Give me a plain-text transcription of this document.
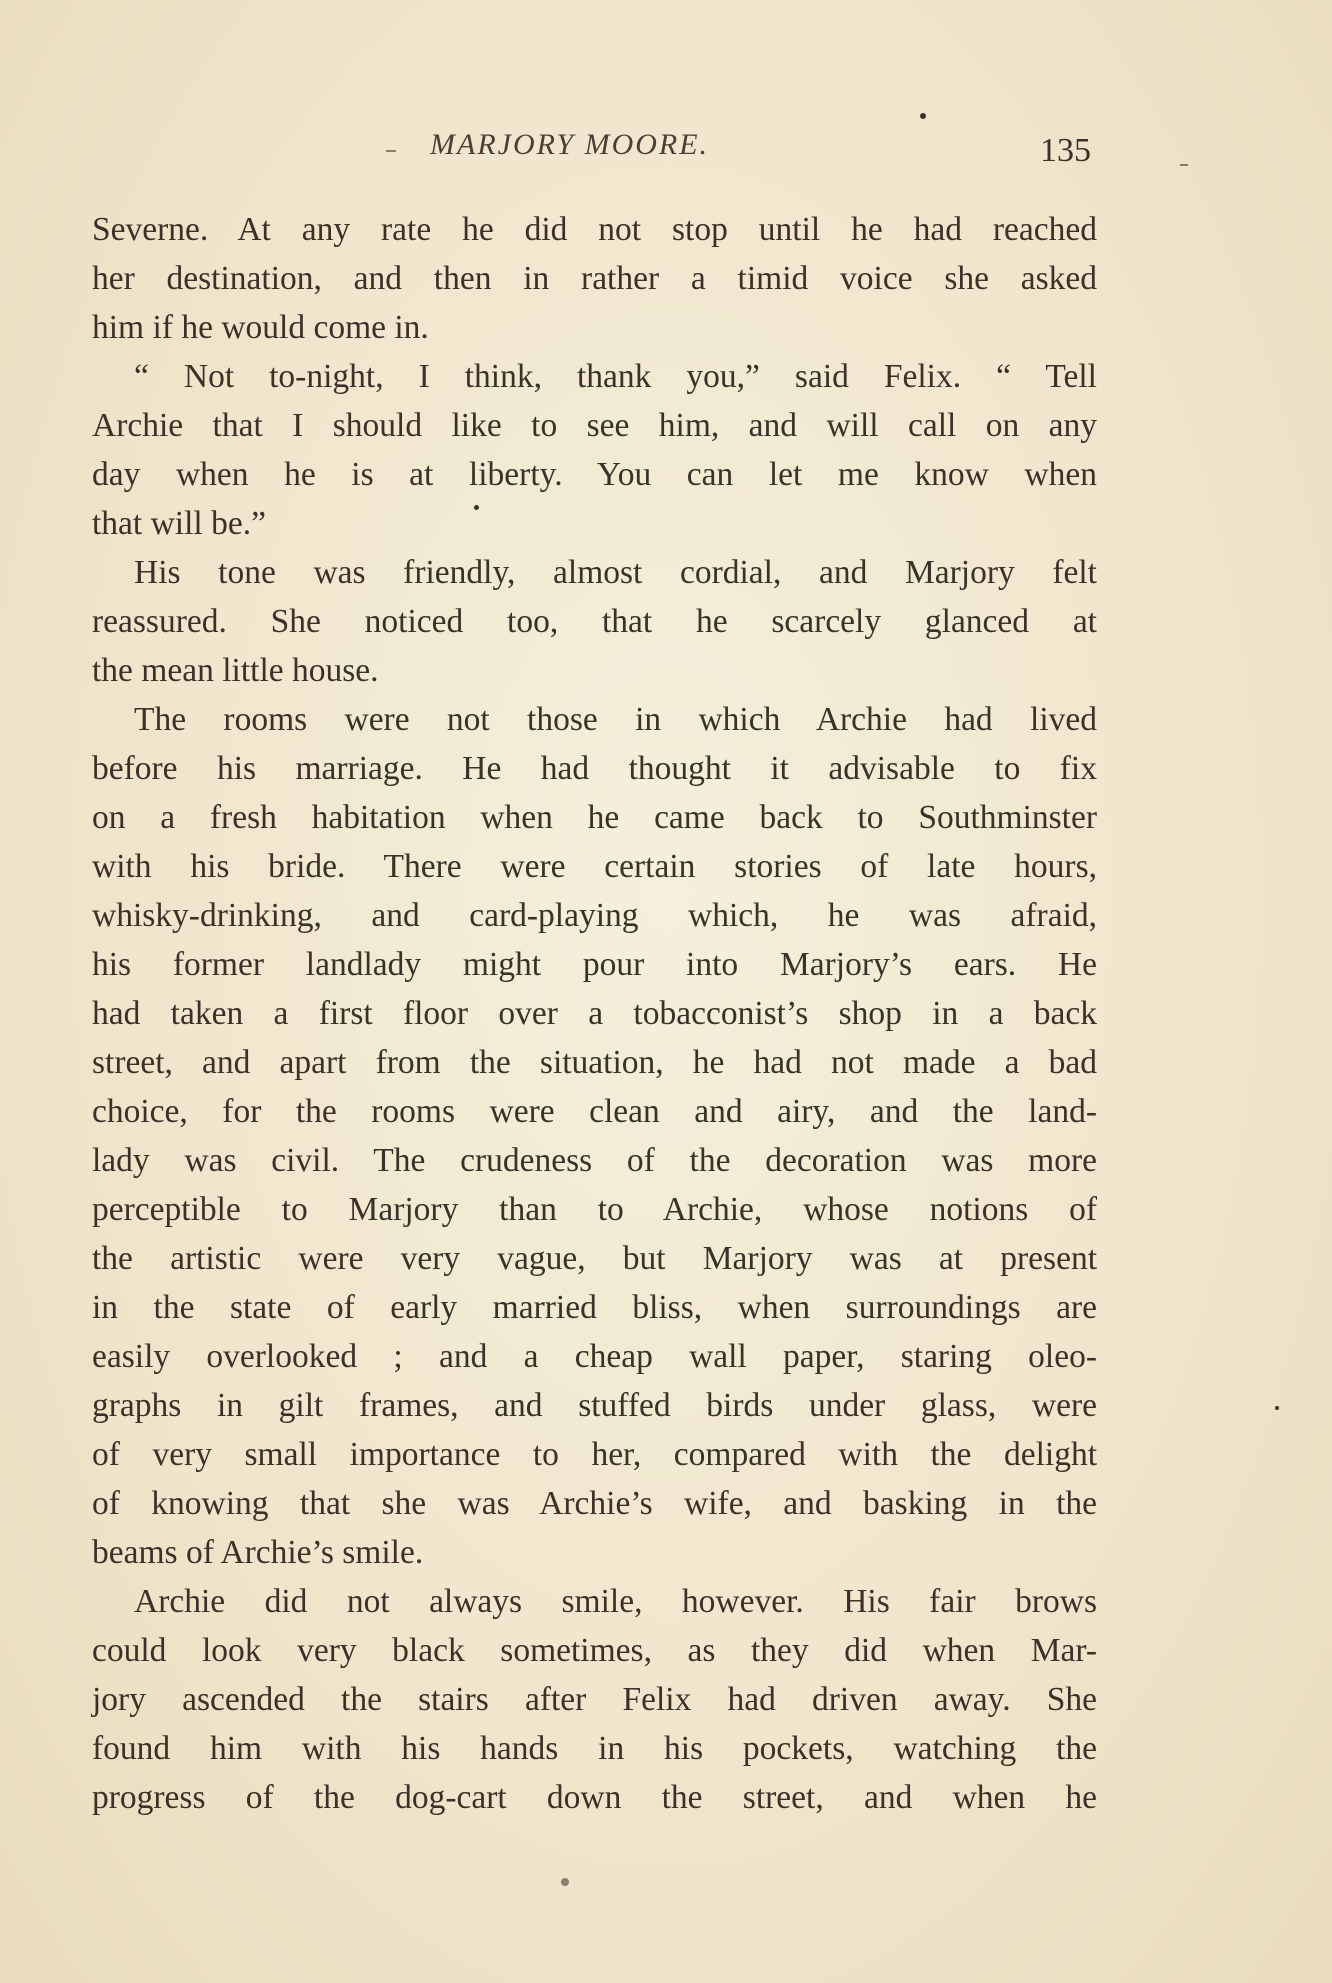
MARJORY MOORE.	135
Severne. At any rate he did not stop until he had reached
her destination, and then in rather a timid voice she asked
him if he would come in.
“ Not to-night, I think, thank you,” said Felix. “ Tell
Archie that I should like to see him, and will call on any
day when he is at liberty. You can let me know when
that will be.”
His tone was friendly, almost cordial, and Marjory felt
reassured. She noticed too, that he scarcely glanced at
the mean little house.
The rooms were not those in which Archie had lived
before his marriage. He had thought it advisable to fix
on a fresh habitation when he came back to Southminster
with his bride. There were certain stories of late hours,
whisky-drinking, and card-playing which, he was afraid,
his former landlady might pour into Marjory’s ears. He
had taken a first floor over a tobacconist’s shop in a back
street, and apart from the situation, he had not made a bad
choice, for the rooms were clean and airy, and the land-
lady was civil. The crudeness of the decoration was more
perceptible to Marjory than to Archie, whose notions of
the artistic were very vague, but Marjory was at present
in the state of early married bliss, when surroundings are
easily overlooked ; and a cheap wall paper, staring oleo-
graphs in gilt frames, and stuffed birds under glass, were
of very small importance to her, compared with the delight
of knowing that she was Archie’s wife, and basking in the
beams of Archie’s smile.
Archie did not always smile, however. His fair brows
could look very black sometimes, as they did when Mar-
jory ascended the stairs after Felix had driven away. She
found him with his hands in his pockets, watching the
progress of the dog-cart down the street, and when he
